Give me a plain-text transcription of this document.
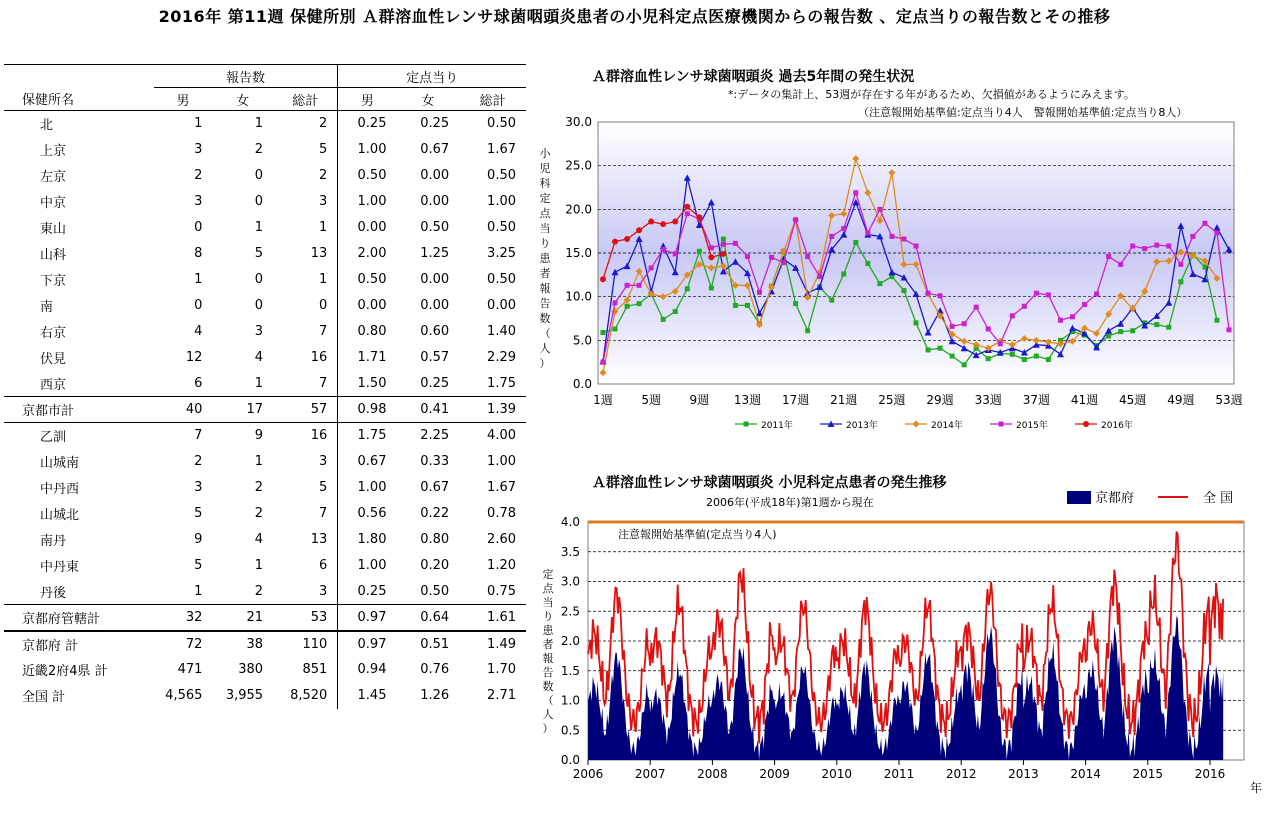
2016年 第11週 保健所別 Ａ群溶血性レンサ球菌咽頭炎患者の小児科定点医療機関からの報告数 、定点当りの報告数とその推移
	報告数			定点当り		
保健所名	男	女	総計	男	女	総計
北	1	1	2	0.25	0.25	0.50
上京	3	2	5	1.00	0.67	1.67
左京	2	0	2	0.50	0.00	0.50
中京	3	0	3	1.00	0.00	1.00
東山	0	1	1	0.00	0.50	0.50
山科	8	5	13	2.00	1.25	3.25
下京	1	0	1	0.50	0.00	0.50
南	0	0	0	0.00	0.00	0.00
右京	4	3	7	0.80	0.60	1.40
伏見	12	4	16	1.71	0.57	2.29
西京	6	1	7	1.50	0.25	1.75
京都市計	40	17	57	0.98	0.41	1.39
乙訓	7	9	16	1.75	2.25	4.00
山城南	2	1	3	0.67	0.33	1.00
中丹西	3	2	5	1.00	0.67	1.67
山城北	5	2	7	0.56	0.22	0.78
南丹	9	4	13	1.80	0.80	2.60
中丹東	5	1	6	1.00	0.20	1.20
丹後	1	2	3	0.25	0.50	0.75
京都府管轄計	32	21	53	0.97	0.64	1.61
京都府 計	72	38	110	0.97	0.51	1.49
近畿2府4県 計	471	380	851	0.94	0.76	1.70
全国 計	4,565	3,955	8,520	1.45	1.26	2.71
Ａ群溶血性レンサ球菌咽頭炎 過去5年間の発生状況
*:データの集計上、53週が存在する年があるため、欠損値があるようにみえます。
（注意報開始基準値:定点当り4人　警報開始基準値:定点当り8人）
0.0
5.0
10.0
15.0
20.0
25.0
30.0
1週 5週 9週 13週 17週 21週 25週 29週 33週 37週 41週 45週 49週 53週
小
児
科
定
点
当
り
患
者
報
告
数
（
人
）
2011年	2013年	2014年	2015年	2016年
Ａ群溶血性レンサ球菌咽頭炎 小児科定点患者の発生推移
2006年(平成18年)第1週から現在
0.0
0.5
1.0
1.5
2.0
2.5
3.0
3.5
4.0
注意報開始基準値(定点当り4人)
2006	2007	2008	2009	2010	2011	2012	2013	2014	2015	2016
年
定
点
当
り
患
者
報
告
数
（
人
）
京都府	全 国
